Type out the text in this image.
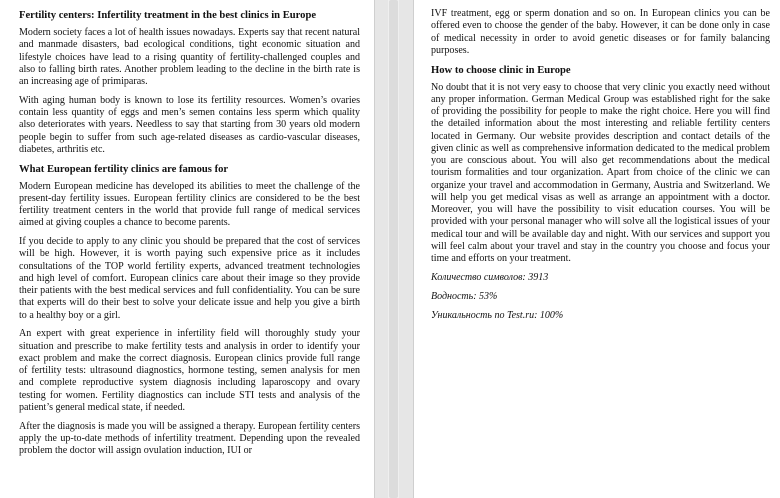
Fertility centers: Infertility treatment in the best clinics in Europe

Modern society faces a lot of health issues nowadays. Experts say that recent natural and manmade disasters, bad ecological conditions, tight economic situation and lifestyle choices have lead to a rising quantity of fertility-challenged couples and also to falling birth rates. Another problem leading to the decline in the birth rate is an increasing age of primiparas.

With aging human body is known to lose its fertility resources. Women’s ovaries contain less quantity of eggs and men’s semen contains less sperm which quality also deteriorates with years. Needless to say that starting from 30 years old modern people begin to suffer from such age-related diseases as cardio-vascular diseases, diabetes, arthritis etc.

What European fertility clinics are famous for

Modern European medicine has developed its abilities to meet the challenge of the present-day fertility issues. European fertility clinics are considered to be the best fertility treatment centers in the world that provide full range of medical services aimed at giving couples a chance to become parents.

If you decide to apply to any clinic you should be prepared that the cost of services will be high. However, it is worth paying such expensive price as it includes consultations of the TOP world fertility experts, advanced treatment technologies and high level of comfort. European clinics care about their image so they provide their patients with the best medical services and full confidentiality. You can be sure that experts will do their best to solve your delicate issue and help you give a birth to a healthy boy or a girl.

An expert with great experience in infertility field will thoroughly study your situation and prescribe to make fertility tests and analysis in order to identify your exact problem and make the correct diagnosis. European clinics provide full range of fertility tests: ultrasound diagnostics, hormone testing, semen analysis for men and complete reproductive system diagnosis including laparoscopy and ovary testing for women. Fertility diagnostics can include STI tests and analysis of the patient’s general medical state, if needed.

After the diagnosis is made you will be assigned a therapy. European fertility centers apply the up-to-date methods of infertility treatment. Depending upon the revealed problem the doctor will assign ovulation induction, IUI or

IVF treatment, egg or sperm donation and so on. In European clinics you can be offered even to choose the gender of the baby. However, it can be done only in case of medical necessity in order to avoid genetic diseases or for family balancing purposes.

How to choose clinic in Europe

No doubt that it is not very easy to choose that very clinic you exactly need without any proper information. German Medical Group was established right for the sake of providing the possibility for people to make the right choice. Here you will find the detailed information about the most interesting and reliable fertility centers located in Germany. Our website provides description and contact details of the given clinic as well as comprehensive information dedicated to the medical problem you are conscious about. You will also get recommendations about the medical tourism formalities and tour organization. Apart from choice of the clinic we can organize your travel and accommodation in Germany, Austria and Switzerland. We will help you get medical visas as well as arrange an appointment with a doctor. Moreover, you will have the possibility to visit education courses. You will be provided with your personal manager who will solve all the logistical issues of your medical tour and will be available day and night. With our services and support you will feel calm about your travel and stay in the country you choose and focus your time and efforts on your treatment.

Количество символов: 3913

Водность: 53%

Уникальность по Test.ru: 100%
